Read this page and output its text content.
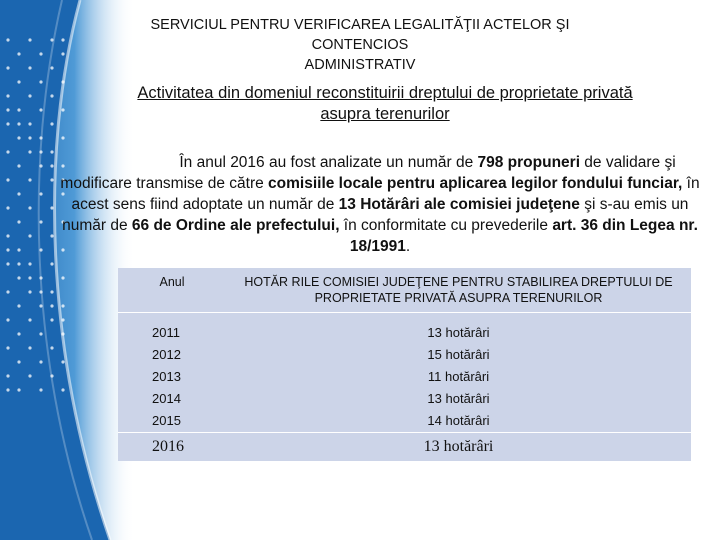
SERVICIUL PENTRU VERIFICAREA LEGALITĂŢII ACTELOR ŞI CONTENCIOS
ADMINISTRATIV
Activitatea din domeniul reconstituirii dreptului de proprietate privată
asupra terenurilor
În anul 2016 au fost analizate un număr de 798 propuneri de validare şi modificare transmise de către comisiile locale pentru aplicarea legilor fondului funciar, în acest sens fiind adoptate un număr de 13 Hotărâri ale comisiei judeţene şi s-au emis un număr de 66 de Ordine ale prefectului, în conformitate cu prevederile art. 36 din Legea nr. 18/1991.
Anul	HOTĂR RILE COMISIEI JUDEŢENE PENTRU STABILIREA DREPTULUI DE PROPRIETATE PRIVATĂ ASUPRA TERENURILOR
2011	13 hotărâri
2012	15 hotărâri
2013	11 hotărâri
2014	13 hotărâri
2015	14 hotărâri
2016	13 hotărâri
